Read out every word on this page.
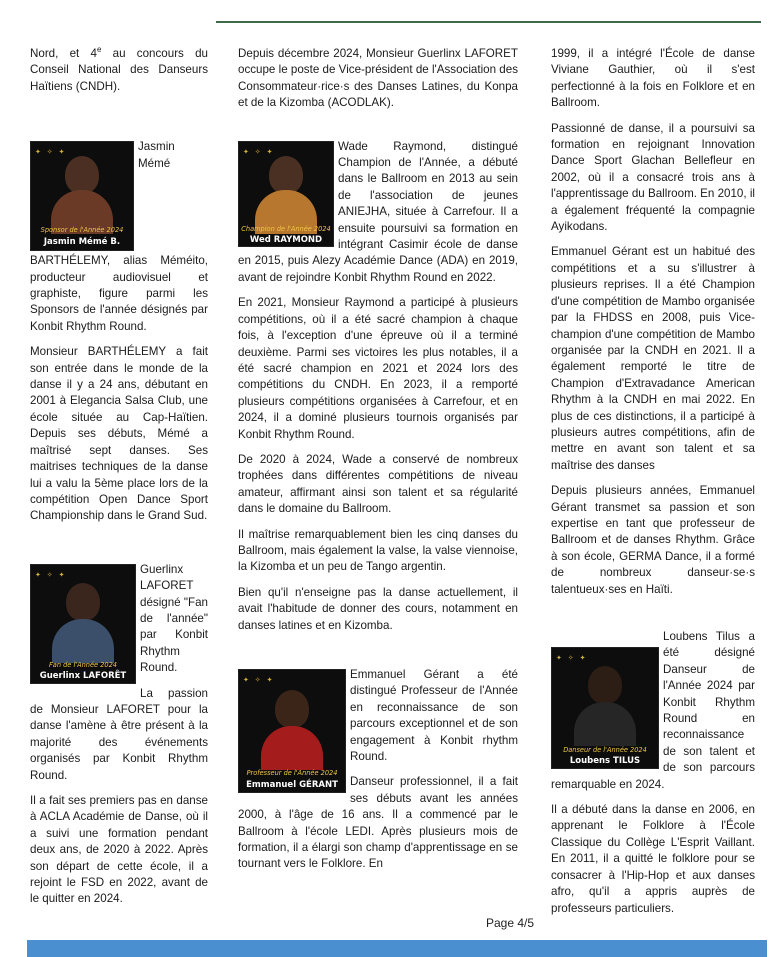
Nord, et 4e au concours du Conseil National des Danseurs Haïtiens (CNDH).

✦ ✧ ✦
Sponsor de l'Année 2024
Jasmin Mémé B.
Jasmin Mémé BARTHÉLEMY, alias Méméito, producteur audiovisuel et graphiste, figure parmi les Sponsors de l'année désignés par Konbit Rhythm Round.

Monsieur BARTHÉLEMY a fait son entrée dans le monde de la danse il y a 24 ans, débutant en 2001 à Elegancia Salsa Club, une école située au Cap-Haïtien. Depuis ses débuts, Mémé a maîtrisé sept danses. Ses maitrises techniques de la danse lui a valu la 5ème place lors de la compétition Open Dance Sport Championship dans le Grand Sud.

✦ ✧ ✦
Fan de l'Année 2024
Guerlinx LAFORÊT
Guerlinx LAFORET désigné "Fan de l'année" par Konbit Rhythm Round.

La passion de Monsieur LAFORET pour la danse l'amène à être présent à la majorité des événements organisés par Konbit Rhythm Round.

Il a fait ses premiers pas en danse à ACLA Académie de Danse, où il a suivi une formation pendant deux ans, de 2020 à 2022. Après son départ de cette école, il a rejoint le FSD en 2022, avant de le quitter en 2024.

Depuis décembre 2024, Monsieur Guerlinx LAFORET occupe le poste de Vice-président de l'Association des Consommateur·rice·s des Danses Latines, du Konpa et de la Kizomba (ACODLAK).

✦ ✧ ✦
Champion de l'Année 2024
Wed RAYMOND
Wade Raymond, distingué Champion de l'Année, a débuté dans le Ballroom en 2013 au sein de l'association de jeunes ANIEJHA, située à Carrefour. Il a ensuite poursuivi sa formation en intégrant Casimir école de danse en 2015, puis Alezy Académie Dance (ADA) en 2019, avant de rejoindre Konbit Rhythm Round en 2022.

En 2021, Monsieur Raymond a participé à plusieurs compétitions, où il a été sacré champion à chaque fois, à l'exception d'une épreuve où il a terminé deuxième. Parmi ses victoires les plus notables, il a été sacré champion en 2021 et 2024 lors des compétitions du CNDH. En 2023, il a remporté plusieurs compétitions organisées à Carrefour, et en 2024, il a dominé plusieurs tournois organisés par Konbit Rhythm Round.

De 2020 à 2024, Wade a conservé de nombreux trophées dans différentes compétitions de niveau amateur, affirmant ainsi son talent et sa régularité dans le domaine du Ballroom.

Il maîtrise remarquablement bien les cinq danses du Ballroom, mais également la valse, la valse viennoise, la Kizomba et un peu de Tango argentin.

Bien qu'il n'enseigne pas la danse actuellement, il avait l'habitude de donner des cours, notamment en danses latines et en Kizomba.

✦ ✧ ✦
Professeur de l'Année 2024
Emmanuel GÉRANT
Emmanuel Gérant a été distingué Professeur de l'Année en reconnaissance de son parcours exceptionnel et de son engagement à Konbit rhythm Round.

Danseur professionnel, il a fait ses débuts avant les années 2000, à l'âge de 16 ans. Il a commencé par le Ballroom à l'école LEDI. Après plusieurs mois de formation, il a élargi son champ d'apprentissage en se tournant vers le Folklore. En

1999, il a intégré l'École de danse Viviane Gauthier, où il s'est perfectionné à la fois en Folklore et en Ballroom.

Passionné de danse, il a poursuivi sa formation en rejoignant Innovation Dance Sport Glachan Bellefleur en 2002, où il a consacré trois ans à l'apprentissage du Ballroom. En 2010, il a également fréquenté la compagnie Ayikodans.

Emmanuel Gérant est un habitué des compétitions et a su s'illustrer à plusieurs reprises. Il a été Champion d'une compétition de Mambo organisée par la FHDSS en 2008, puis Vice-champion d'une compétition de Mambo organisée par la CNDH en 2021. Il a également remporté le titre de Champion d'Extravadance American Rhythm à la CNDH en mai 2022. En plus de ces distinctions, il a participé à plusieurs autres compétitions, afin de mettre en avant son talent et sa maîtrise des danses

Depuis plusieurs années, Emmanuel Gérant transmet sa passion et son expertise en tant que professeur de Ballroom et de danses Rhythm. Grâce à son école, GERMA Dance, il a formé de nombreux danseur·se·s talentueux·ses en Haïti.

✦ ✧ ✦
Danseur de l'Année 2024
Loubens TILUS
Loubens Tilus a été désigné Danseur de l'Année 2024 par Konbit Rhythm Round en reconnaissance de son talent et de son parcours remarquable en 2024.

Il a débuté dans la danse en 2006, en apprenant le Folklore à l'École Classique du Collège L'Esprit Vaillant. En 2011, il a quitté le folklore pour se consacrer à l'Hip-Hop et aux danses afro, qu'il a appris auprès de professeurs particuliers.

Page 4/5
